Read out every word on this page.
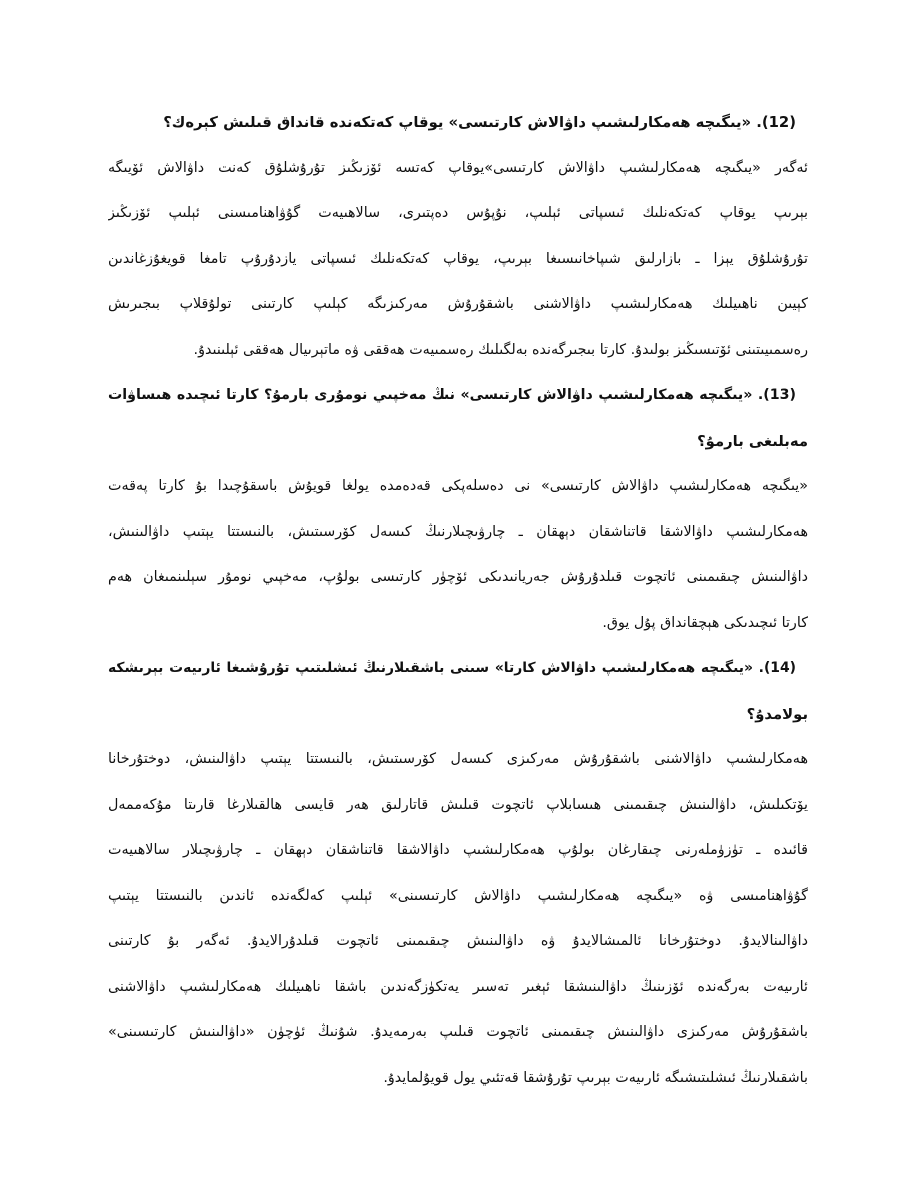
(12). «يىگىچە ھەمكارلىشىپ داۋالاش كارتىسى» يوقاپ كەتكەندە قانداق قىلىش كېرەك؟
ئەگەر «يىگىچە ھەمكارلىشىپ داۋالاش كارتىسى»يوقاپ كەتسە ئۆزىڭىز تۇرۇشلۇق كەنت داۋالاش ئۆيىگە
بېرىپ يوقاپ كەتكەنلىك ئىسپاتى ئېلىپ، نۇپۇس دەپتىرى، سالاھىيەت گۇۋاھنامىسنى ئېلىپ ئۆزىڭىز
تۇرۇشلۇق يېزا ـ بازارلىق شىپاخانىسىغا بېرىپ، يوقاپ كەتكەنلىك ئىسپاتى يازدۇرۇپ تامغا قويغۇزغاندىن
كېيىن ناھىيلىك ھەمكارلىشىپ داۋالاشنى باشقۇرۇش مەركىزىگە كېلىپ كارتىنى تولۇقلاپ بىجىرىش
رەسمىيىتىنى ئۆتىسىڭىز بولىدۇ. كارتا بىجىرگەندە بەلگىلىك رەسمىيەت ھەققى ۋە ماتېرىيال ھەققى ئېلىنىدۇ.
(13). «يىگىچە ھەمكارلىشىپ داۋالاش كارتىسى» نىڭ مەخپىي نومۇرى بارمۇ؟ كارتا ئىچىدە ھىساۋات
مەبلىغى بارمۇ؟
«يىگىچە ھەمكارلىشىپ داۋالاش كارتىسى» نى دەسلەپكى قەدەمدە يولغا قويۇش باسقۇچىدا بۇ كارتا پەقەت
ھەمكارلىشىپ داۋالاشقا قاتناشقان دېھقان ـ چارۋىچىلارنىڭ كىسەل كۆرسىتىش، بالنىستتا يېتىپ داۋالىنىش،
داۋالىنىش چىقىمىنى ئاتچوت قىلدۇرۇش جەريانىدىكى ئۆچۈر كارتىسى بولۇپ، مەخپىي نومۇر سېلىنمىغان ھەم
كارتا ئىچىدىكى ھېچقانداق پۇل يوق.
(14). «يىگىچە ھەمكارلىشىپ داۋالاش كارتا» سىنى باشقىلارنىڭ ئىشلىتىپ تۇرۇشىغا ئارىيەت بېرىشكە
بولامدۇ؟
ھەمكارلىشىپ داۋالاشنى باشقۇرۇش مەركىزى كىسەل كۆرسىتىش، بالنىستتا يېتىپ داۋالىنىش، دوختۇرخانا
يۆتكىلىش، داۋالىنىش چىقىمىنى ھىسابلاپ ئاتچوت قىلىش قاتارلىق ھەر قايسى ھالقىلارغا قارىتا مۇكەممەل
قائىدە ـ تۈزۈملەرنى چىقارغان بولۇپ ھەمكارلىشىپ داۋالاشقا قاتناشقان دېھقان ـ چارۋىچىلار سالاھىيەت
گۇۋاھنامىسى ۋە «يىگىچە ھەمكارلىشىپ داۋالاش كارتىسىنى» ئېلىپ كەلگەندە ئاندىن بالنىستتا يېتىپ
داۋالىنالايدۇ. دوختۇرخانا ئالمىشالايدۇ ۋە داۋالىنىش چىقىمىنى ئاتچوت قىلدۇرالايدۇ. ئەگەر بۇ كارتىنى
ئارىيەت بەرگەندە ئۆزىنىڭ داۋالىنىشقا ئېغىر تەسىر يەتكۈزگەندىن باشقا ناھىيلىك ھەمكارلىشىپ داۋالاشنى
باشقۇرۇش مەركىزى داۋالىنىش چىقىمىنى ئاتچوت قىلىپ بەرمەيدۇ. شۇنىڭ ئۈچۈن «داۋالىنىش كارتىسىنى»
باشقىلارنىڭ ئىشلىتىشىگە ئارىيەت بېرىپ تۇرۇشقا قەتئىي يول قويۇلمايدۇ.
